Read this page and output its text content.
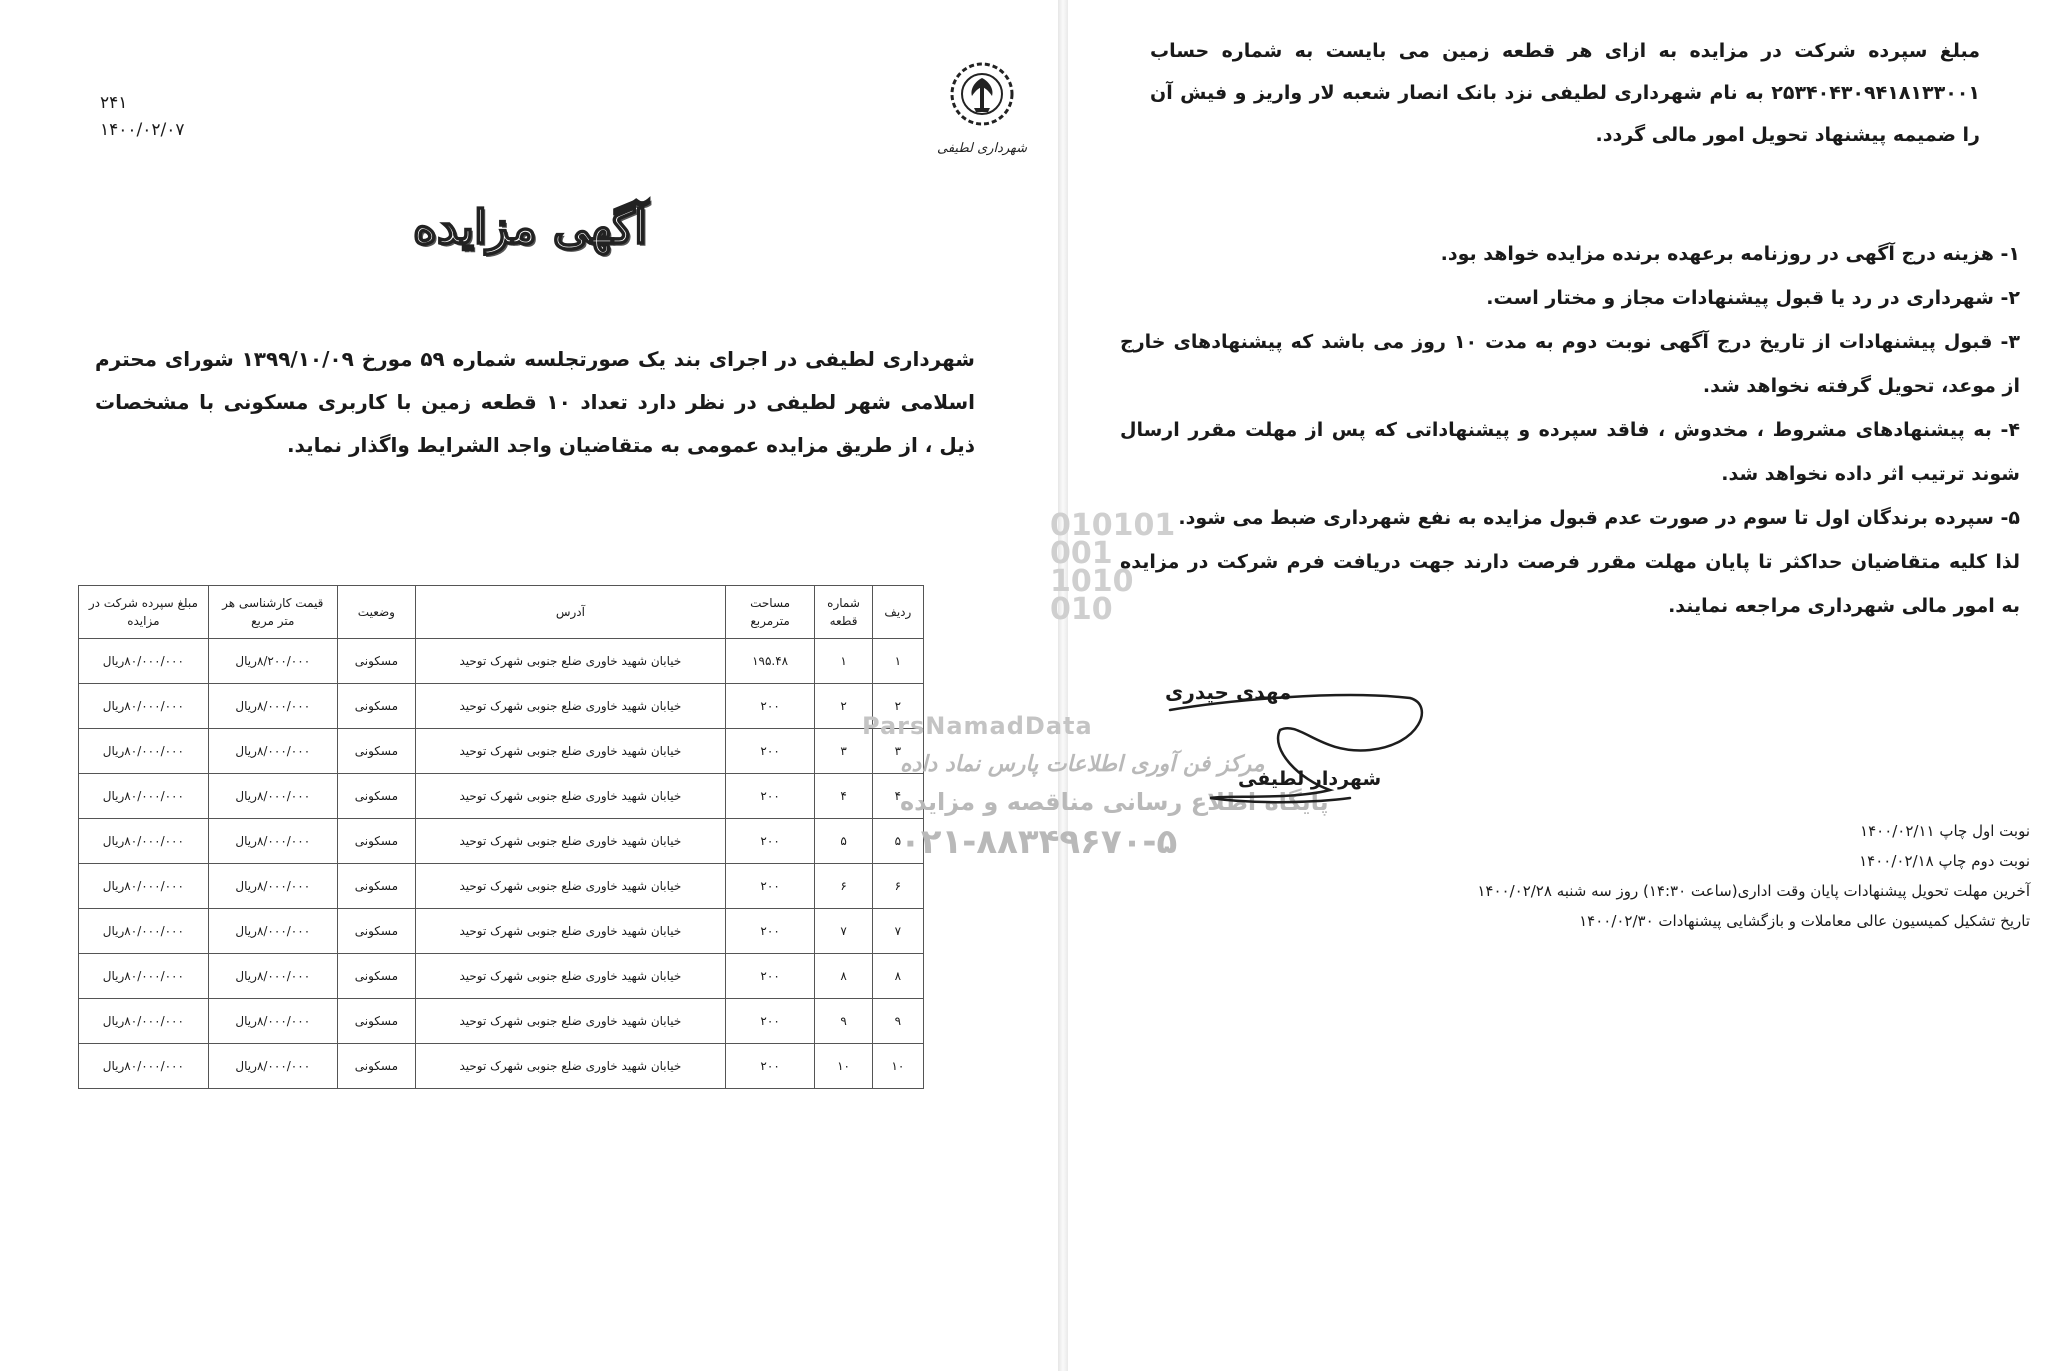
۲۴۱
۱۴۰۰/۰۲/۰۷
شهرداری لطیفی
آگهی مزایده
شهرداری لطیفی در اجرای بند یک صورتجلسه شماره ۵۹ مورخ ۱۳۹۹/۱۰/۰۹ شورای محترم اسلامی شهر لطیفی در نظر دارد تعداد ۱۰ قطعه زمین با کاربری مسکونی با مشخصات ذیل ، از طریق مزایده عمومی به متقاضیان واجد الشرایط واگذار نماید.
ردیف	شماره قطعه	مساحت مترمربع	آدرس	وضعیت	قیمت کارشناسی هر متر مربع	مبلغ سپرده شرکت در مزایده
۱	۱	۱۹۵.۴۸	خیابان شهید خاوری ضلع جنوبی شهرک توحید	مسکونی	۸/۲۰۰/۰۰۰ریال	۸۰/۰۰۰/۰۰۰ریال
۲	۲	۲۰۰	خیابان شهید خاوری ضلع جنوبی شهرک توحید	مسکونی	۸/۰۰۰/۰۰۰ریال	۸۰/۰۰۰/۰۰۰ریال
۳	۳	۲۰۰	خیابان شهید خاوری ضلع جنوبی شهرک توحید	مسکونی	۸/۰۰۰/۰۰۰ریال	۸۰/۰۰۰/۰۰۰ریال
۴	۴	۲۰۰	خیابان شهید خاوری ضلع جنوبی شهرک توحید	مسکونی	۸/۰۰۰/۰۰۰ریال	۸۰/۰۰۰/۰۰۰ریال
۵	۵	۲۰۰	خیابان شهید خاوری ضلع جنوبی شهرک توحید	مسکونی	۸/۰۰۰/۰۰۰ریال	۸۰/۰۰۰/۰۰۰ریال
۶	۶	۲۰۰	خیابان شهید خاوری ضلع جنوبی شهرک توحید	مسکونی	۸/۰۰۰/۰۰۰ریال	۸۰/۰۰۰/۰۰۰ریال
۷	۷	۲۰۰	خیابان شهید خاوری ضلع جنوبی شهرک توحید	مسکونی	۸/۰۰۰/۰۰۰ریال	۸۰/۰۰۰/۰۰۰ریال
۸	۸	۲۰۰	خیابان شهید خاوری ضلع جنوبی شهرک توحید	مسکونی	۸/۰۰۰/۰۰۰ریال	۸۰/۰۰۰/۰۰۰ریال
۹	۹	۲۰۰	خیابان شهید خاوری ضلع جنوبی شهرک توحید	مسکونی	۸/۰۰۰/۰۰۰ریال	۸۰/۰۰۰/۰۰۰ریال
۱۰	۱۰	۲۰۰	خیابان شهید خاوری ضلع جنوبی شهرک توحید	مسکونی	۸/۰۰۰/۰۰۰ریال	۸۰/۰۰۰/۰۰۰ریال
010101
001
1010
010
ParsNamadData
مرکز فن آوری اطلاعات پارس نماد داده
پایگاه اطلاع رسانی مناقصه و مزایده
۰۲۱-۸۸۳۴۹۶۷۰-۵
مبلغ سپرده شرکت در مزایده به ازای هر قطعه زمین می بایست به شماره حساب ۲۵۳۴۰۴۳۰۹۴۱۸۱۳۳۰۰۱ به نام شهرداری لطیفی نزد بانک انصار شعبه لار واریز و فیش آن را ضمیمه پیشنهاد تحویل امور مالی گردد.
۱- هزینه درج آگهی در روزنامه برعهده برنده مزایده خواهد بود.
۲- شهرداری در رد یا قبول پیشنهادات مجاز و مختار است.
۳- قبول پیشنهادات از تاریخ درج آگهی نوبت دوم به مدت ۱۰ روز می باشد که پیشنهادهای خارج از موعد، تحویل گرفته نخواهد شد.
۴- به پیشنهادهای مشروط ، مخدوش ، فاقد سپرده و پیشنهاداتی که پس از مهلت مقرر ارسال شوند ترتیب اثر داده نخواهد شد.
۵- سپرده برندگان اول تا سوم در صورت عدم قبول مزایده به نفع شهرداری ضبط می شود.
لذا کلیه متقاضیان حداکثر تا پایان مهلت مقرر فرصت دارند جهت دریافت فرم شرکت در مزایده به امور مالی شهرداری مراجعه نمایند.
مهدی حیدری
شهردار لطیفی
نوبت اول چاپ ۱۴۰۰/۰۲/۱۱
نوبت دوم چاپ ۱۴۰۰/۰۲/۱۸
آخرین مهلت تحویل پیشنهادات پایان وقت اداری(ساعت ۱۴:۳۰) روز سه شنبه ۱۴۰۰/۰۲/۲۸
تاریخ تشکیل کمیسیون عالی معاملات و بازگشایی پیشنهادات ۱۴۰۰/۰۲/۳۰
